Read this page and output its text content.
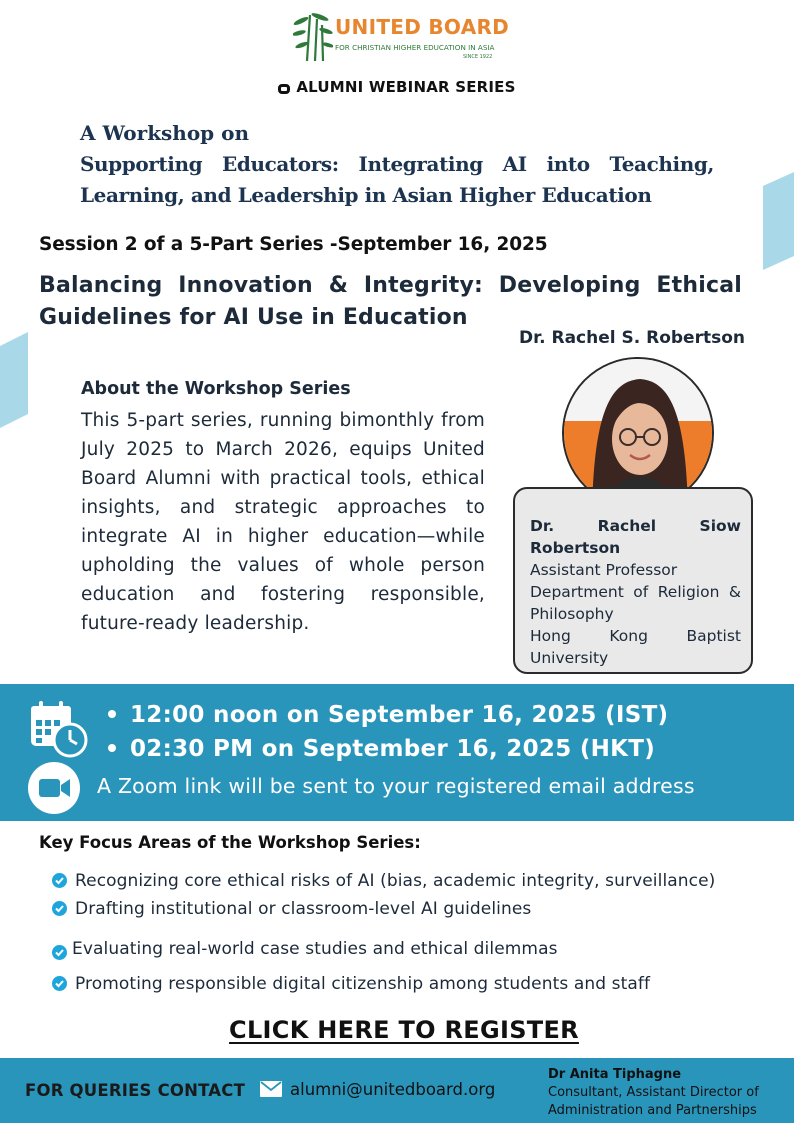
UNITED BOARD
FOR CHRISTIAN HIGHER EDUCATION IN ASIA
SINCE 1922
ALUMNI WEBINAR SERIES
A Workshop on
Supporting Educators: Integrating AI into Teaching,
Learning, and Leadership in Asian Higher Education
Session 2 of a 5-Part Series -September 16, 2025
Balancing Innovation & Integrity: Developing Ethical
Guidelines for AI Use in Education
Dr. Rachel S. Robertson
About the Workshop Series
This 5-part series, running bimonthly from July 2025 to March 2026, equips United Board Alumni with practical tools, ethical insights, and strategic approaches to integrate AI in higher education—while upholding the values of whole person education and fostering responsible, future-ready leadership.
Dr. Rachel Siow Robertson
Assistant Professor
Department of Religion & Philosophy
Hong Kong Baptist University
12:00 noon on September 16, 2025 (IST)
02:30 PM on September 16, 2025 (HKT)
A Zoom link will be sent to your registered email address
Key Focus Areas of the Workshop Series:
Recognizing core ethical risks of AI (bias, academic integrity, surveillance)
Drafting institutional or classroom-level AI guidelines
Evaluating real-world case studies and ethical dilemmas
Promoting responsible digital citizenship among students and staff
CLICK HERE TO REGISTER
FOR QUERIES CONTACT	alumni@unitedboard.org
Dr Anita Tiphagne
Consultant, Assistant Director of
Administration and Partnerships
